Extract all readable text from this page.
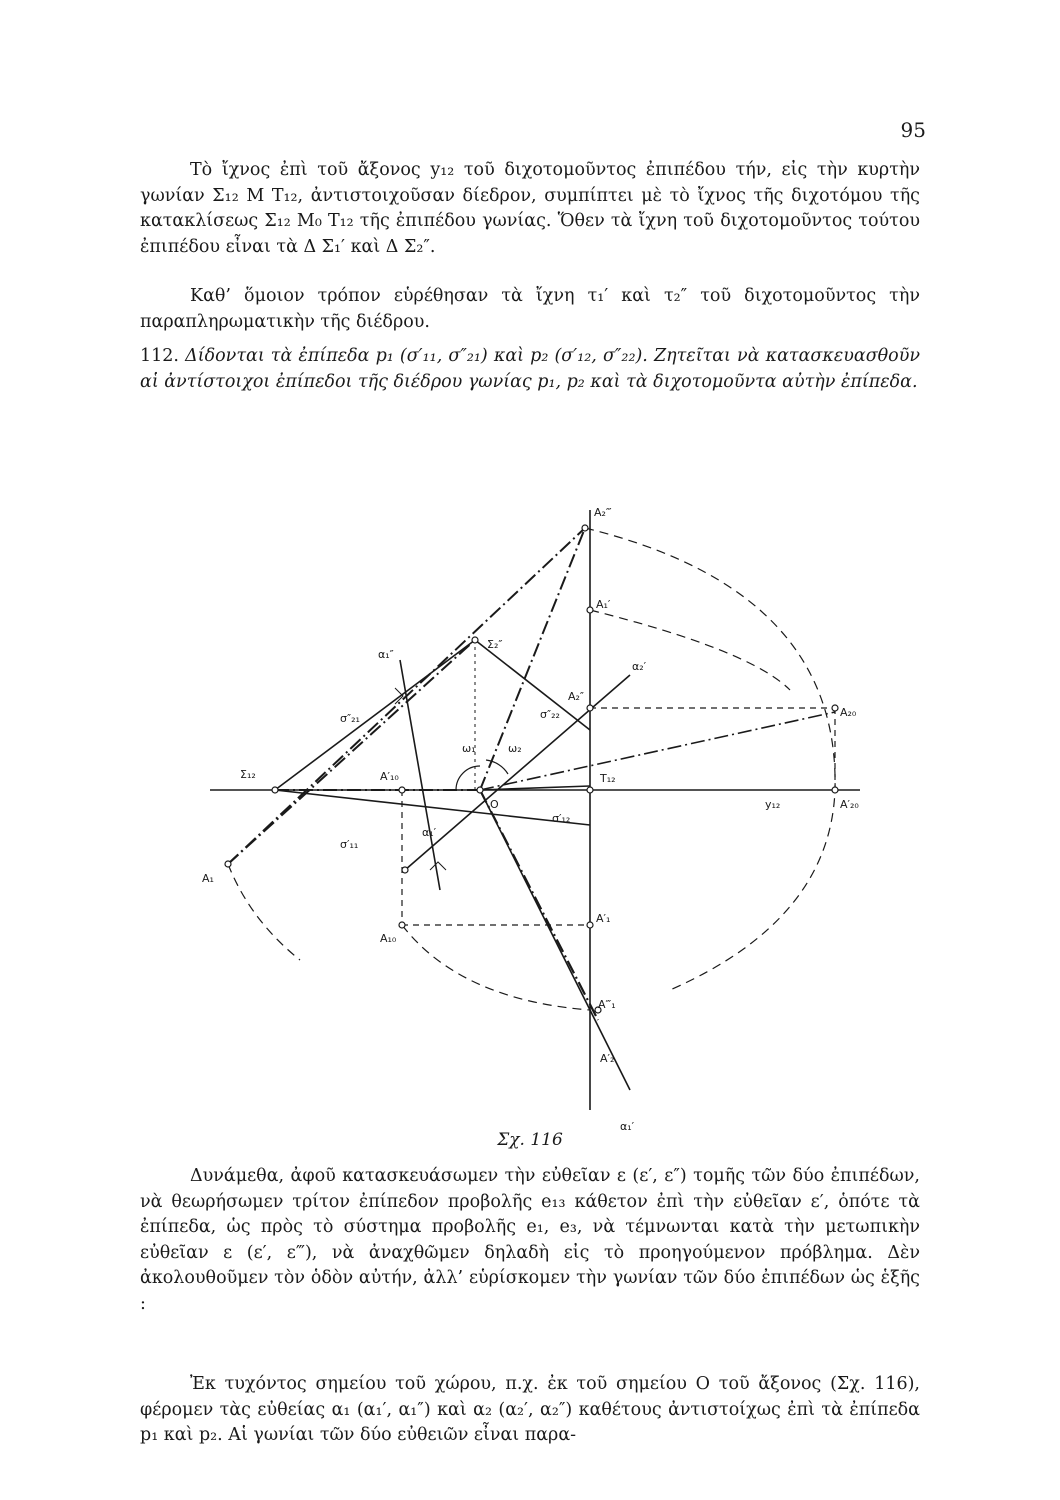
95

Τὸ ἴχνος ἐπὶ τοῦ ἄξονος y₁₂ τοῦ διχοτομοῦντος ἐπιπέδου τήν, εἰς τὴν κυρτὴν γωνίαν Σ₁₂ Μ Τ₁₂, ἀντιστοιχοῦσαν δίεδρον, συμπίπτει μὲ τὸ ἴχνος τῆς διχοτόμου τῆς κατακλίσεως Σ₁₂ Μ₀ Τ₁₂ τῆς ἐπιπέδου γωνίας. Ὅθεν τὰ ἴχνη τοῦ διχοτομοῦντος τούτου ἐπιπέδου εἶναι τὰ Δ Σ₁′ καὶ Δ Σ₂″.

Καθ’ ὅμοιον τρόπον εὑρέθησαν τὰ ἴχνη τ₁′ καὶ τ₂″ τοῦ διχοτομοῦντος τὴν παραπληρωματικὴν τῆς διέδρου.

112. Δίδονται τὰ ἐπίπεδα p₁ (σ′₁₁, σ″₂₁) καὶ p₂ (σ′₁₂, σ″₂₂). Ζητεῖται νὰ κατασκευασθοῦν αἱ ἀντίστοιχοι ἐπίπεδοι τῆς διέδρου γωνίας p₁, p₂ καὶ τὰ διχοτομοῦντα αὐτὴν ἐπίπεδα.

A₂‴
A₁′
Σ₂″
α₂′
α₁″
A₂″
σ″₂₂	A₂₀
σ″₂₁
ω₁	ω₂
Σ₁₂	A′₁₀	T₁₂
y₁₂	A′₂₀
O
σ′₁₂
α₁′
σ′₁₁
A₁
A′₁
A₁₀
A‴₁
A′₂
α₁′
Σχ. 116

Δυνάμεθα, ἀφοῦ κατασκευάσωμεν τὴν εὐθεῖαν ε (ε′, ε″) τομῆς τῶν δύο ἐπιπέδων, νὰ θεωρήσωμεν τρίτον ἐπίπεδον προβολῆς e₁₃ κάθετον ἐπὶ τὴν εὐθεῖαν ε′, ὁπότε τὰ ἐπίπεδα, ὡς πρὸς τὸ σύστημα προβολῆς e₁, e₃, νὰ τέμνωνται κατὰ τὴν μετωπικὴν εὐθεῖαν ε (ε′, ε‴), νὰ ἀναχθῶμεν δηλαδὴ εἰς τὸ προηγούμενον πρόβλημα. Δὲν ἀκολουθοῦμεν τὸν ὁδὸν αὐτήν, ἀλλ’ εὑρίσκομεν τὴν γωνίαν τῶν δύο ἐπιπέδων ὡς ἑξῆς :

Ἐκ τυχόντος σημείου τοῦ χώρου, π.χ. ἐκ τοῦ σημείου Ο τοῦ ἄξονος (Σχ. 116), φέρομεν τὰς εὐθείας α₁ (α₁′, α₁″) καὶ α₂ (α₂′, α₂″) καθέτους ἀντιστοίχως ἐπὶ τὰ ἐπίπεδα p₁ καὶ p₂. Αἱ γωνίαι τῶν δύο εὐθειῶν εἶναι παρα-
